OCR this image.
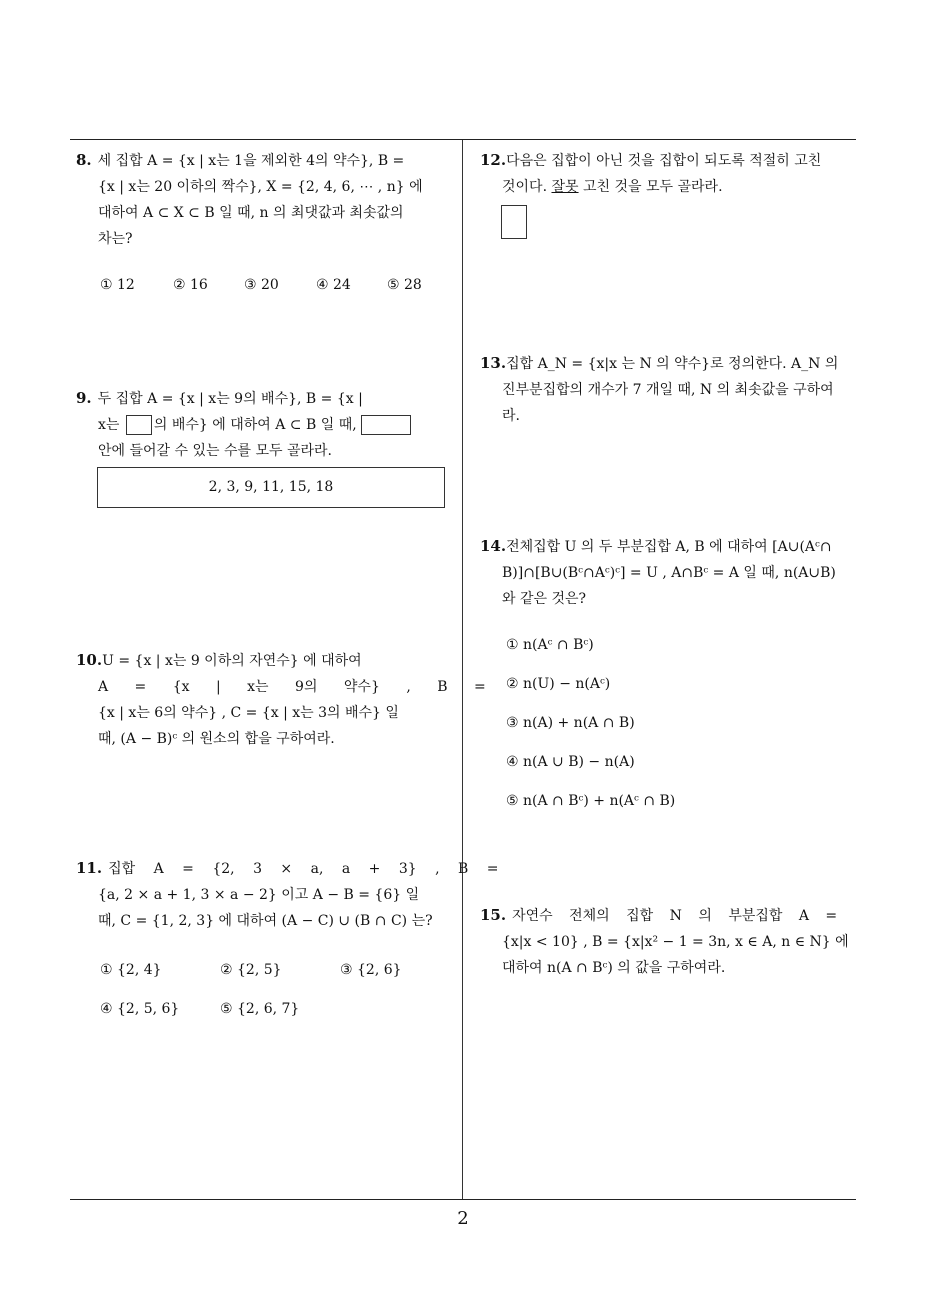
8. 세 집합 A = {x | x는 1을 제외한 4의 약수}, B =
{x | x는 20 이하의 짝수}, X = {2, 4, 6, ⋯ , n} 에
대하여 A ⊂ X ⊂ B 일 때, n 의 최댓값과 최솟값의
차는?
① 12	② 16	③ 20	④ 24	⑤ 28
9. 두 집합 A = {x | x는 9의 배수}, B = {x |
x는 의 배수} 에 대하여 A ⊂ B 일 때,
안에 들어갈 수 있는 수를 모두 골라라.
2, 3, 9, 11, 15, 18
10.U = {x | x는 9 이하의 자연수} 에 대하여
A = {x | x는 9의 약수} , B =
{x | x는 6의 약수} , C = {x | x는 3의 배수} 일
때, (A − B)ᶜ 의 원소의 합을 구하여라.
11. 집합 A = {2, 3 × a, a + 3} , B =
{a, 2 × a + 1, 3 × a − 2} 이고 A − B = {6} 일
때, C = {1, 2, 3} 에 대하여 (A − C) ∪ (B ∩ C) 는?
① {2, 4}	② {2, 5}	③ {2, 6}
④ {2, 5, 6}	⑤ {2, 6, 7}
12.다음은 집합이 아닌 것을 집합이 되도록 적절히 고친
것이다. 잘못 고친 것을 모두 골라라.
13.집합 A_N = {x|x 는 N 의 약수}로 정의한다. A_N 의
진부분집합의 개수가 7 개일 때, N 의 최솟값을 구하여
라.
14.전체집합 U 의 두 부분집합 A, B 에 대하여 [A∪(Aᶜ∩
B)]∩[B∪(Bᶜ∩Aᶜ)ᶜ] = U , A∩Bᶜ = A 일 때, n(A∪B)
와 같은 것은?
① n(Aᶜ ∩ Bᶜ)
② n(U) − n(Aᶜ)
③ n(A) + n(A ∩ B)
④ n(A ∪ B) − n(A)
⑤ n(A ∩ Bᶜ) + n(Aᶜ ∩ B)
15. 자연수 전체의 집합 N 의 부분집합 A =
{x|x < 10} , B = {x|x² − 1 = 3n, x ∈ A, n ∈ N} 에
대하여 n(A ∩ Bᶜ) 의 값을 구하여라.
2
